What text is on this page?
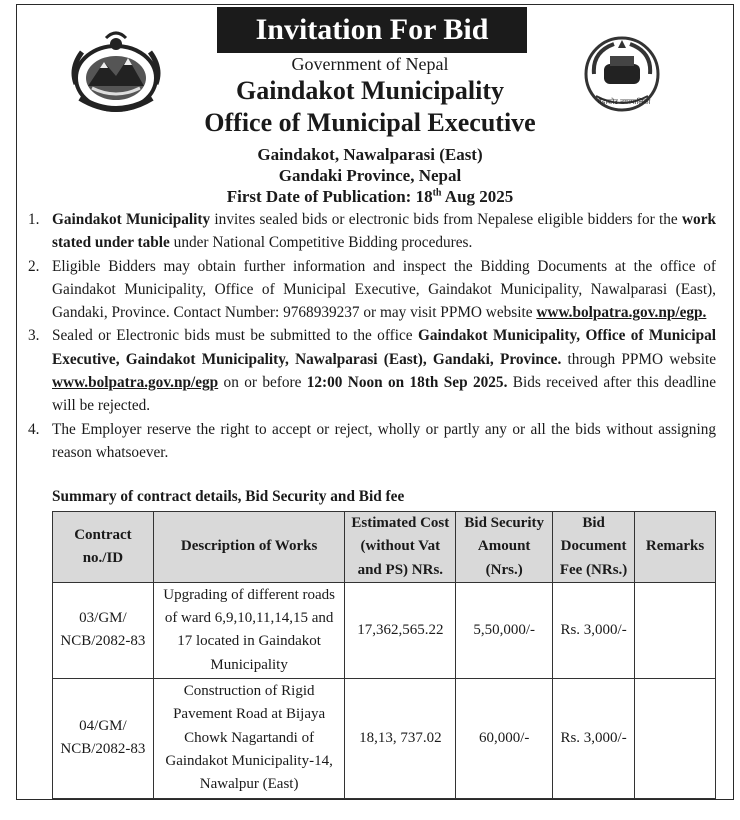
Invitation For Bid
गैँडाकोट नगरपालिका
Government of Nepal
Gaindakot Municipality
Office of Municipal Executive
Gaindakot, Nawalparasi (East)
Gandaki Province, Nepal
First Date of Publication: 18th Aug 2025
1. Gaindakot Municipality invites sealed bids or electronic bids from Nepalese eligible bidders for the work stated under table under National Competitive Bidding procedures.
2. Eligible Bidders may obtain further information and inspect the Bidding Documents at the office of Gaindakot Municipality, Office of Municipal Executive, Gaindakot Municipality, Nawalparasi (East), Gandaki, Province. Contact Number: 9768939237 or may visit PPMO website www.bolpatra.gov.np/egp.
3. Sealed or Electronic bids must be submitted to the office Gaindakot Municipality, Office of Municipal Executive, Gaindakot Municipality, Nawalparasi (East), Gandaki, Province. through PPMO website www.bolpatra.gov.np/egp on or before 12:00 Noon on 18th Sep 2025. Bids received after this deadline will be rejected.
4. The Employer reserve the right to accept or reject, wholly or partly any or all the bids without assigning reason whatsoever.
Summary of contract details, Bid Security and Bid fee
Contract no./ID	Description of Works	Estimated Cost (without Vat and PS) NRs.	Bid Security Amount (Nrs.)	Bid Document Fee (NRs.)	Remarks
03/GM/ NCB/2082-83	Upgrading of different roads of ward 6,9,10,11,14,15 and 17 located in Gaindakot Municipality	17,362,565.22	5,50,000/-	Rs. 3,000/-	
04/GM/ NCB/2082-83	Construction of Rigid Pavement Road at Bijaya Chowk Nagartandi of Gaindakot Municipality-14, Nawalpur (East)	18,13, 737.02	60,000/-	Rs. 3,000/-	
